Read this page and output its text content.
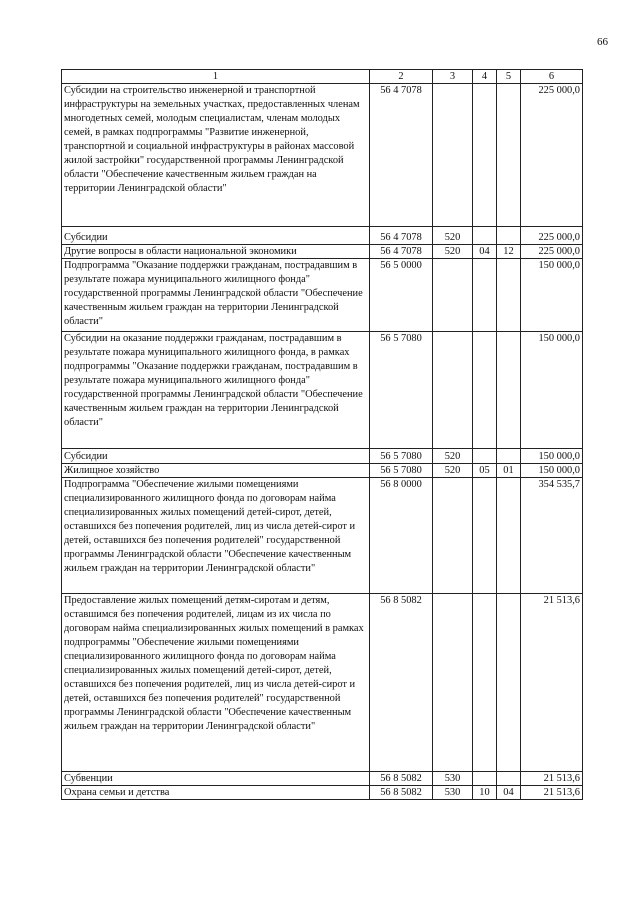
66
1	2	3	4	5	6
Субсидии на строительство инженерной и транспортной инфраструктуры на земельных участках, предоставленных членам многодетных семей, молодым специалистам, членам молодых семей, в рамках подпрограммы "Развитие инженерной, транспортной и социальной инфраструктуры в районах массовой жилой застройки" государственной программы Ленинградской области "Обеспечение качественным жильем граждан на территории Ленинградской области"	56 4 7078				225 000,0
Субсидии	56 4 7078	520			225 000,0
Другие вопросы в области национальной экономики	56 4 7078	520	04	12	225 000,0
Подпрограмма "Оказание поддержки гражданам, пострадавшим в результате пожара муниципального жилищного фонда" государственной программы Ленинградской области "Обеспечение качественным жильем граждан на территории Ленинградской области"	56 5 0000				150 000,0
Субсидии на оказание поддержки гражданам, пострадавшим в результате пожара муниципального жилищного фонда, в рамках подпрограммы "Оказание поддержки гражданам, пострадавшим в результате пожара муниципального жилищного фонда" государственной программы Ленинградской области "Обеспечение качественным жильем граждан на территории Ленинградской области"	56 5 7080				150 000,0
Субсидии	56 5 7080	520			150 000,0
Жилищное хозяйство	56 5 7080	520	05	01	150 000,0
Подпрограмма "Обеспечение жилыми помещениями специализированного жилищного фонда по договорам найма специализированных жилых помещений детей-сирот, детей, оставшихся без попечения родителей, лиц из числа детей-сирот и детей, оставшихся без попечения родителей" государственной программы Ленинградской области "Обеспечение качественным жильем граждан на территории Ленинградской области"	56 8 0000				354 535,7
Предоставление жилых помещений детям-сиротам и детям, оставшимся без попечения родителей, лицам из их числа по договорам найма специализированных жилых помещений в рамках подпрограммы "Обеспечение жилыми помещениями специализированного жилищного фонда по договорам найма специализированных жилых помещений детей-сирот, детей, оставшихся без попечения родителей, лиц из числа детей-сирот и детей, оставшихся без попечения родителей" государственной программы Ленинградской области "Обеспечение качественным жильем граждан на территории Ленинградской области"	56 8 5082				21 513,6
Субвенции	56 8 5082	530			21 513,6
Охрана семьи и детства	56 8 5082	530	10	04	21 513,6
